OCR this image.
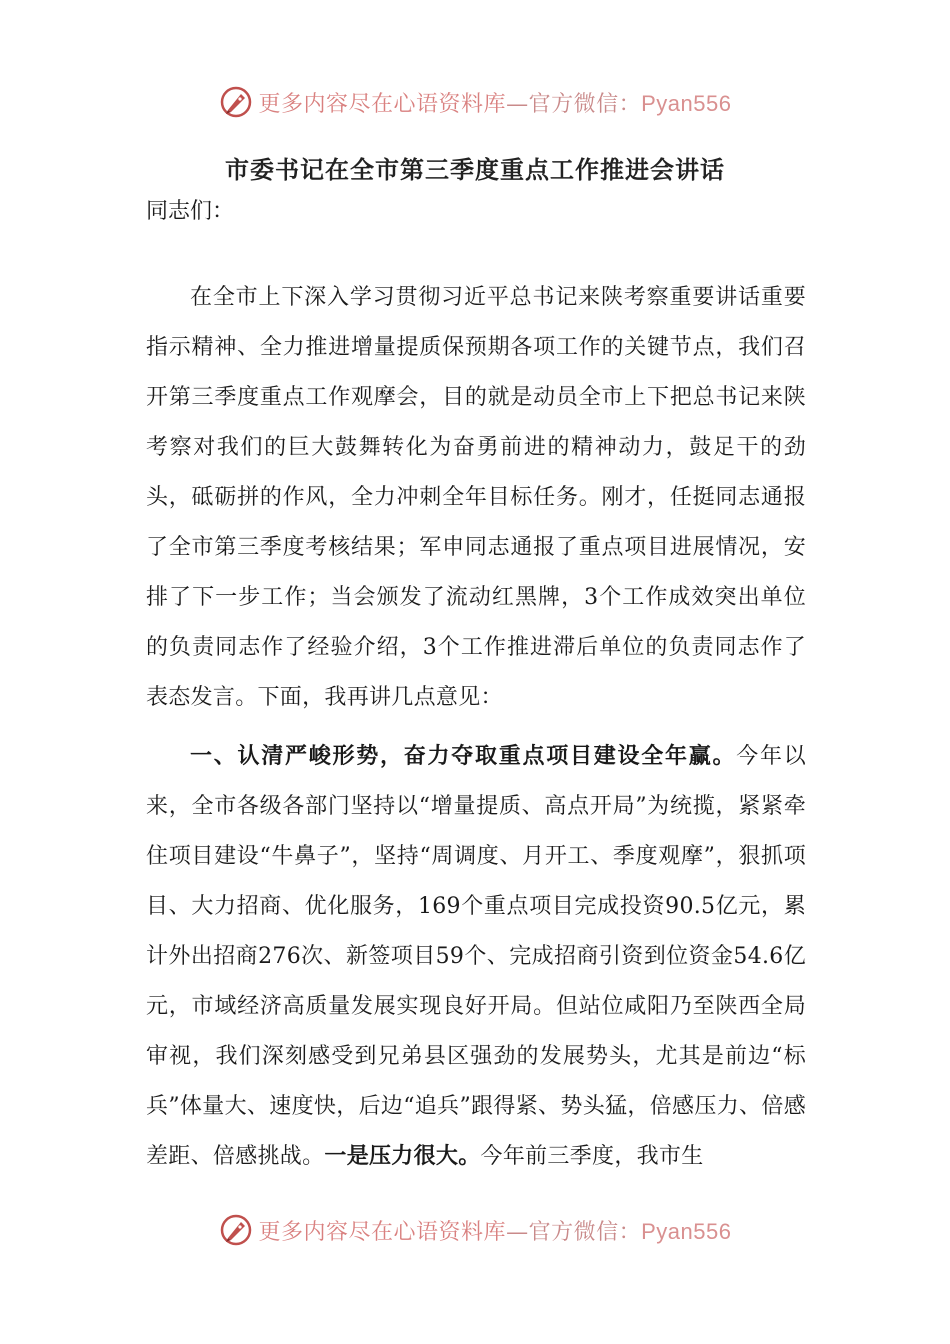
更多内容尽在心语资料库—官方微信：Pyan556
市委书记在全市第三季度重点工作推进会讲话
同志们：
在全市上下深入学习贯彻习近平总书记来陕考察重要讲话重要指示精神、全力推进增量提质保预期各项工作的关键节点，我们召开第三季度重点工作观摩会，目的就是动员全市上下把总书记来陕考察对我们的巨大鼓舞转化为奋勇前进的精神动力，鼓足干的劲头，砥砺拼的作风，全力冲刺全年目标任务。刚才，任挺同志通报了全市第三季度考核结果；军申同志通报了重点项目进展情况，安排了下一步工作；当会颁发了流动红黑牌，3个工作成效突出单位的负责同志作了经验介绍，3个工作推进滞后单位的负责同志作了表态发言。下面，我再讲几点意见：
一、认清严峻形势，奋力夺取重点项目建设全年赢。今年以来，全市各级各部门坚持以“增量提质、高点开局”为统揽，紧紧牵住项目建设“牛鼻子”，坚持“周调度、月开工、季度观摩”，狠抓项目、大力招商、优化服务，169个重点项目完成投资90.5亿元，累计外出招商276次、新签项目59个、完成招商引资到位资金54.6亿元，市域经济高质量发展实现良好开局。但站位咸阳乃至陕西全局审视，我们深刻感受到兄弟县区强劲的发展势头，尤其是前边“标兵”体量大、速度快，后边“追兵”跟得紧、势头猛，倍感压力、倍感差距、倍感挑战。一是压力很大。今年前三季度，我市生
更多内容尽在心语资料库—官方微信：Pyan556
